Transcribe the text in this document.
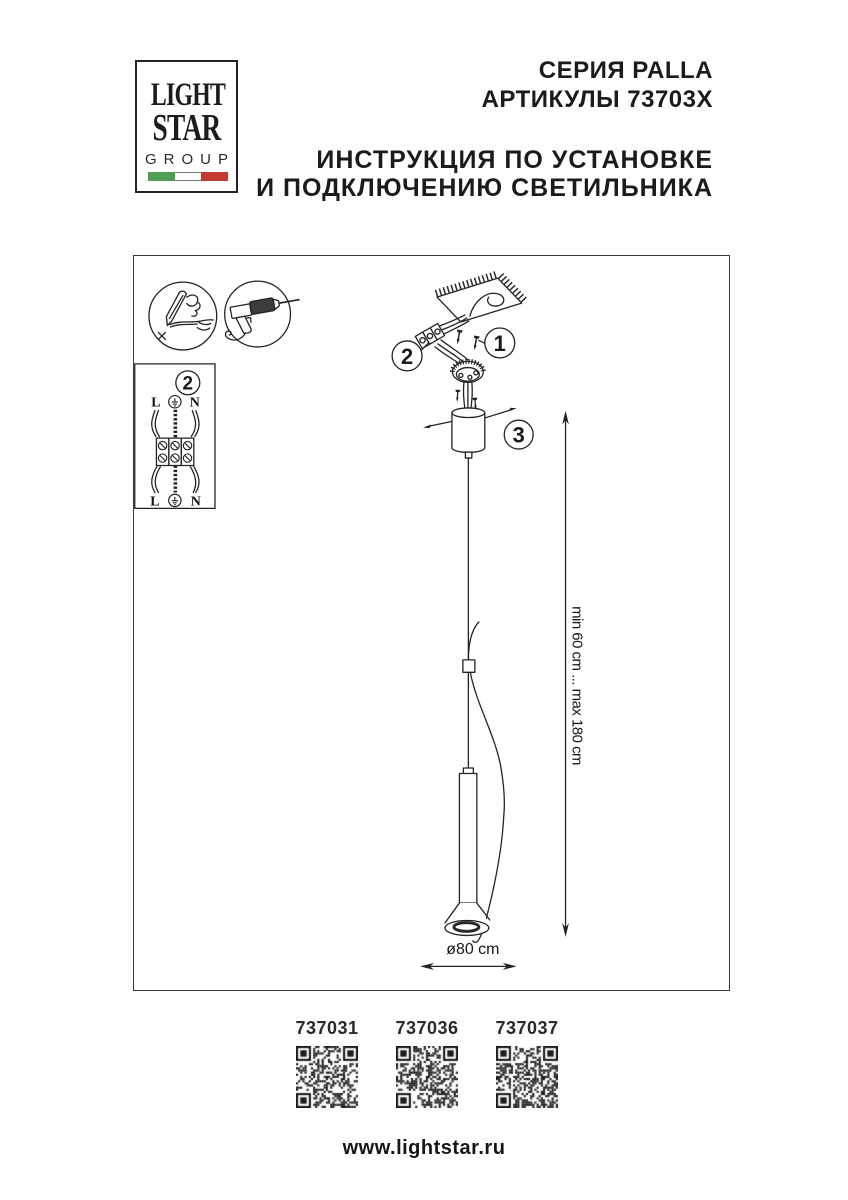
LIGHT
STAR
GROUP
СЕРИЯ PALLA
АРТИКУЛЫ 73703X
ИНСТРУКЦИЯ ПО УСТАНОВКЕ
И ПОДКЛЮЧЕНИЮ СВЕТИЛЬНИКА
2
L N
L N
1
2
3
min 60 cm ... max 180 cm
ø80 cm
737031 737036 737037
www.lightstar.ru
